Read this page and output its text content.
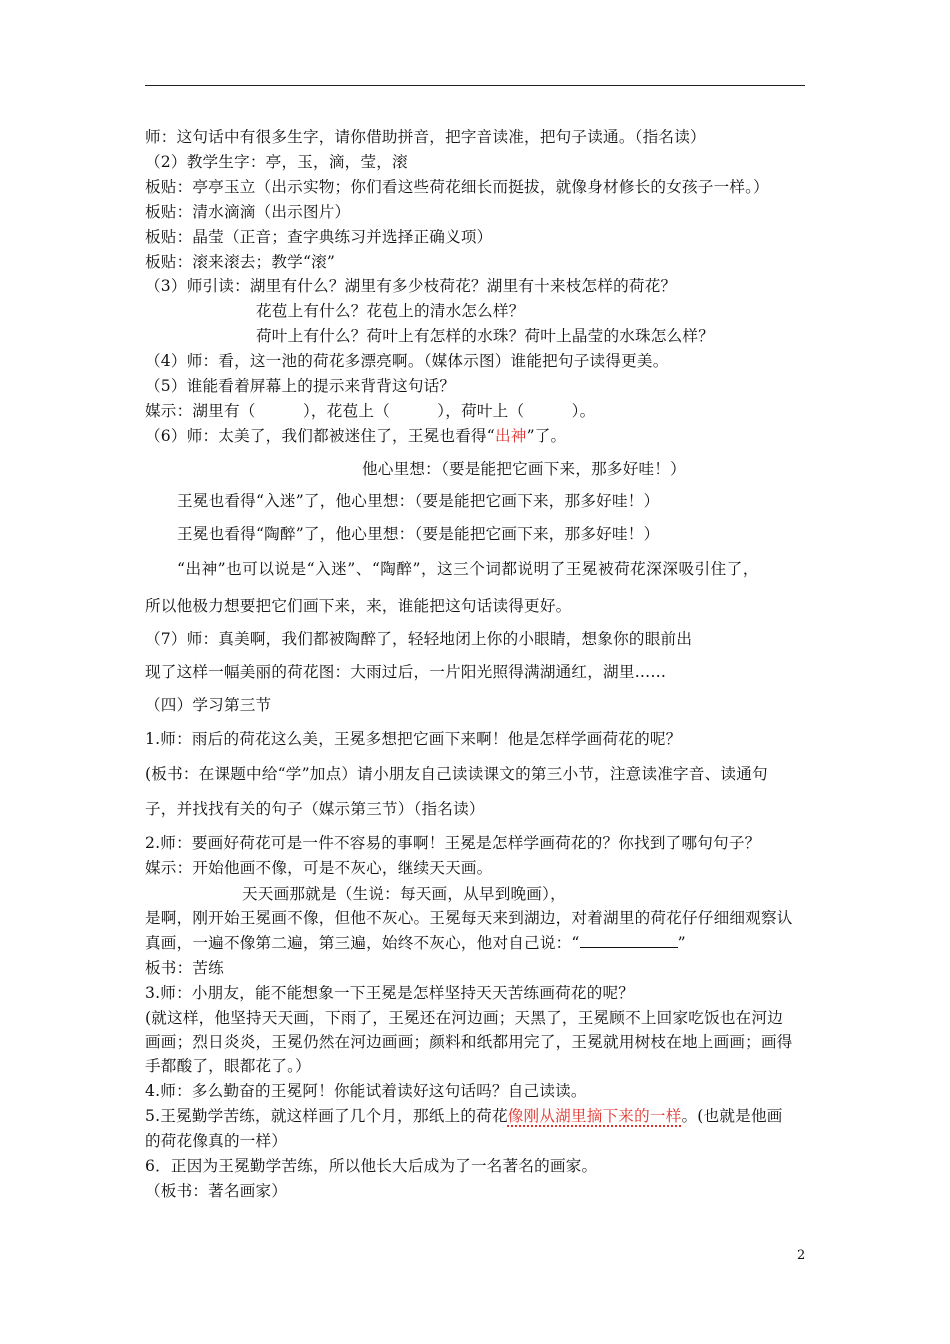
师：这句话中有很多生字，请你借助拼音，把字音读准，把句子读通。（指名读）
（2）教学生字：亭，玉，滴，莹，滚
板贴：亭亭玉立（出示实物；你们看这些荷花细长而挺拔，就像身材修长的女孩子一样。）
板贴：清水滴滴（出示图片）
板贴：晶莹（正音；查字典练习并选择正确义项）
板贴：滚来滚去；教学“滚”
（3）师引读：湖里有什么？湖里有多少枝荷花？湖里有十来枝怎样的荷花？
花苞上有什么？花苞上的清水怎么样？
荷叶上有什么？荷叶上有怎样的水珠？荷叶上晶莹的水珠怎么样？
（4）师：看，这一池的荷花多漂亮啊。（媒体示图）谁能把句子读得更美。
（5）谁能看着屏幕上的提示来背背这句话？
媒示：湖里有（　　　），花苞上（　　　），荷叶上（　　　）。
（6）师：太美了，我们都被迷住了，王冕也看得“出神”了。
他心里想：（要是能把它画下来，那多好哇！）
王冕也看得“入迷”了，他心里想：（要是能把它画下来，那多好哇！）
王冕也看得“陶醉”了，他心里想：（要是能把它画下来，那多好哇！）
“出神”也可以说是“入迷”、“陶醉”，这三个词都说明了王冕被荷花深深吸引住了，
所以他极力想要把它们画下来，来，谁能把这句话读得更好。
（7）师：真美啊，我们都被陶醉了，轻轻地闭上你的小眼睛，想象你的眼前出
现了这样一幅美丽的荷花图：大雨过后，一片阳光照得满湖通红，湖里……
（四）学习第三节
1.师：雨后的荷花这么美，王冕多想把它画下来啊！他是怎样学画荷花的呢？
(板书：在课题中给“学”加点）请小朋友自己读读课文的第三小节，注意读准字音、读通句
子，并找找有关的句子（媒示第三节）（指名读）
2.师：要画好荷花可是一件不容易的事啊！王冕是怎样学画荷花的？你找到了哪句句子？
媒示：开始他画不像，可是不灰心，继续天天画。
天天画那就是（生说：每天画，从早到晚画），
是啊，刚开始王冕画不像，但他不灰心。王冕每天来到湖边，对着湖里的荷花仔仔细细观察认
真画，一遍不像第二遍，第三遍，始终不灰心，他对自己说：“	”
板书：苦练
3.师：小朋友，能不能想象一下王冕是怎样坚持天天苦练画荷花的呢？
(就这样，他坚持天天画，下雨了，王冕还在河边画；天黑了，王冕顾不上回家吃饭也在河边
画画；烈日炎炎，王冕仍然在河边画画；颜料和纸都用完了，王冕就用树枝在地上画画；画得
手都酸了，眼都花了。）
4.师：多么勤奋的王冕阿！你能试着读好这句话吗？自己读读。
5.王冕勤学苦练，就这样画了几个月，那纸上的荷花像刚从湖里摘下来的一样。(也就是他画
的荷花像真的一样）
6．正因为王冕勤学苦练，所以他长大后成为了一名著名的画家。
（板书：著名画家）
2
